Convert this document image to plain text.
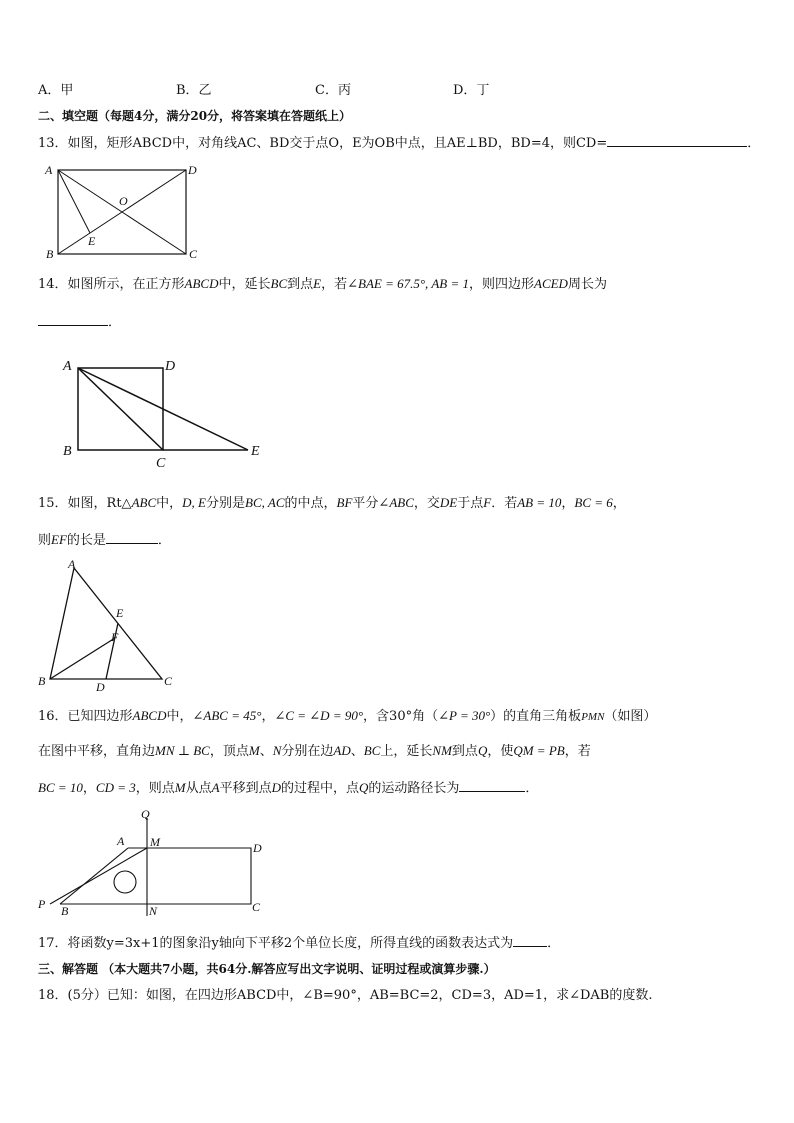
A．甲	B．乙	C．丙	D．丁
二、填空题（每题4分，满分20分，将答案填在答题纸上）
13．如图，矩形ABCD中，对角线AC、BD交于点O，E为OB中点，且AE⊥BD，BD=4，则CD=	．
A	D
B	C
O
E
14．如图所示，在正方形ABCD中，延长BC到点E，若∠BAE = 67.5°, AB = 1，则四边形ACED周长为
．
A	D
B
C
E
15．如图，Rt△ABC中，D, E分别是BC, AC的中点，BF平分∠ABC，交DE于点F．若AB = 10，BC = 6，
则EF的长是	．
A
B	C
D
E
F
16．已知四边形ABCD中，∠ABC = 45°，∠C = ∠D = 90°，含30°角（∠P = 30°）的直角三角板PMN（如图）
在图中平移，直角边MN ⊥ BC，顶点M、N分别在边AD、BC上，延长NM到点Q，使QM = PB，若
BC = 10，CD = 3，则点M从点A平移到点D的过程中，点Q的运动路径长为	．
Q
A M	D
P B	N	C
17．将函数y=3x+1的图象沿y轴向下平移2个单位长度，所得直线的函数表达式为	．
三、解答题 （本大题共7小题，共64分.解答应写出文字说明、证明过程或演算步骤.）
18．(5分）已知：如图，在四边形ABCD中，∠B=90°，AB=BC=2，CD=3，AD=1，求∠DAB的度数.
